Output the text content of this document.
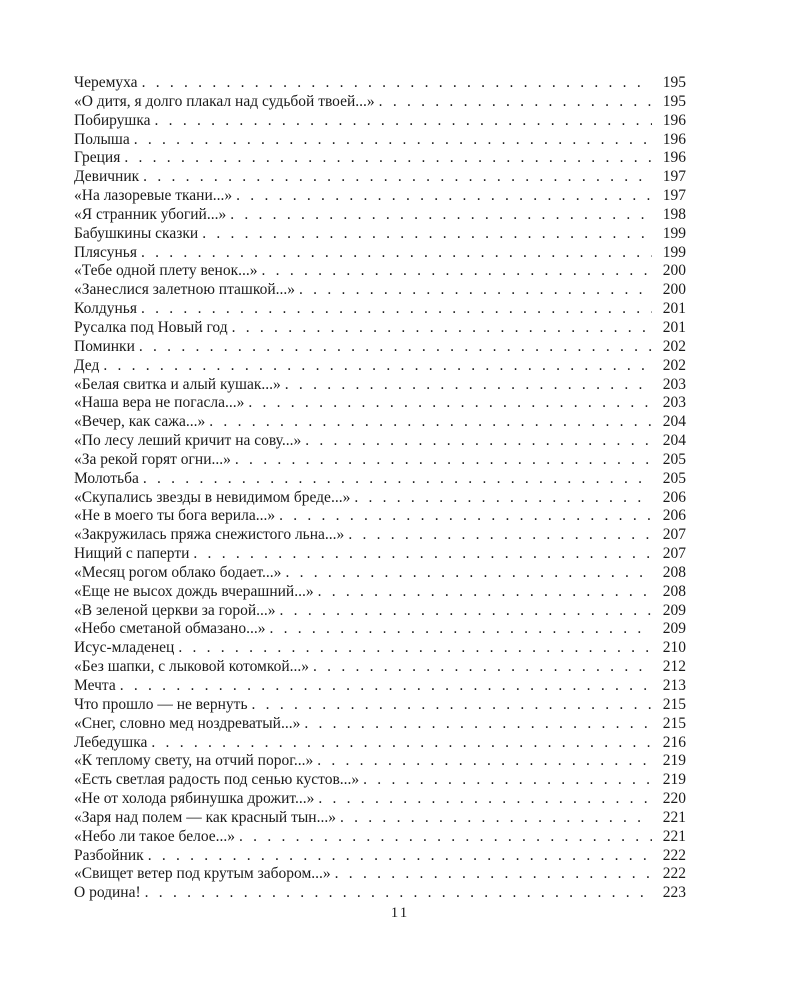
Черемуха . . .	195
«О дитя, я долго плакал над судьбой твоей...» . . .	195
Побирушка . . .	196
Полыша . . .	196
Греция . . .	196
Девичник . . .	197
«На лазоревые ткани...» . . .	197
«Я странник убогий...» . . .	198
Бабушкины сказки . . .	199
Плясунья . . .	199
«Тебе одной плету венок...» . . .	200
«Занеслися залетною пташкой...» . . .	200
Колдунья . . .	201
Русалка под Новый год . . .	201
Поминки . . .	202
Дед . . .	202
«Белая свитка и алый кушак...» . . .	203
«Наша вера не погасла...» . . .	203
«Вечер, как сажа...» . . .	204
«По лесу леший кричит на сову...» . . .	204
«За рекой горят огни...» . . .	205
Молотьба . . .	205
«Скупались звезды в невидимом бреде...» . . .	206
«Не в моего ты бога верила...» . . .	206
«Закружилась пряжа снежистого льна...» . . .	207
Нищий с паперти . . .	207
«Месяц рогом облако бодает...» . . .	208
«Еще не высох дождь вчерашний...» . . .	208
«В зеленой церкви за горой...» . . .	209
«Небо сметаной обмазано...» . . .	209
Исус-младенец . . .	210
«Без шапки, с лыковой котомкой...» . . .	212
Мечта . . .	213
Что прошло — не вернуть . . .	215
«Снег, словно мед ноздреватый...» . . .	215
Лебедушка . . .	216
«К теплому свету, на отчий порог...» . . .	219
«Есть светлая радость под сенью кустов...» . . .	219
«Не от холода рябинушка дрожит...» . . .	220
«Заря над полем — как красный тын...» . . .	221
«Небо ли такое белое...» . . .	221
Разбойник . . .	222
«Свищет ветер под крутым забором...» . . .	222
О родина! . . .	223
11
